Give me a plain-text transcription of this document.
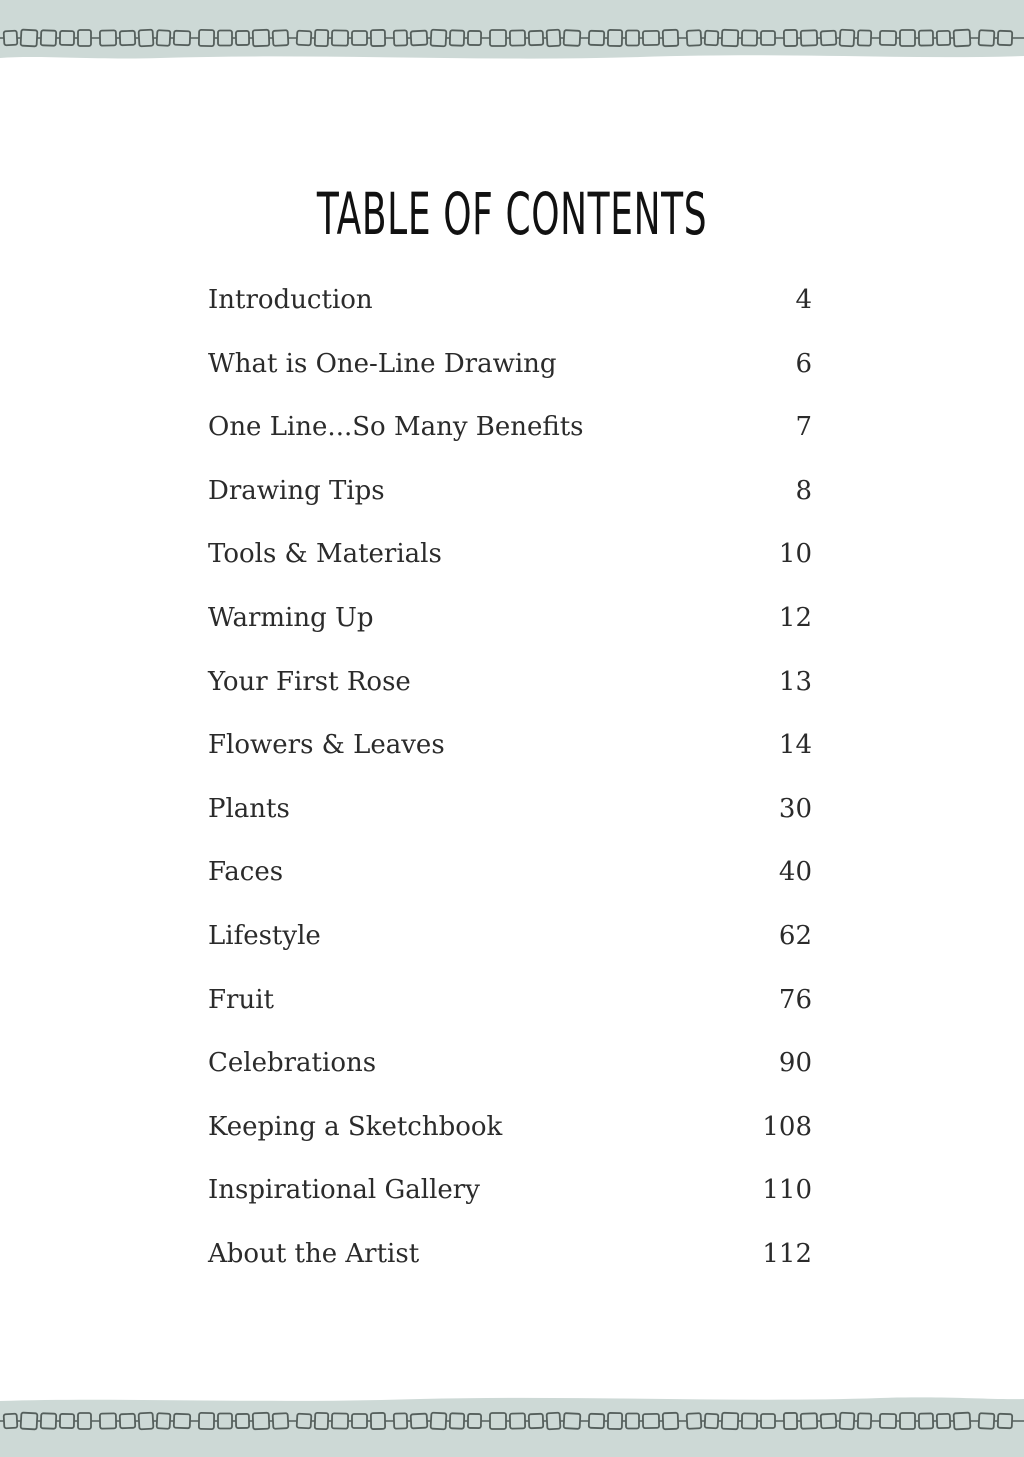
TABLE OF CONTENTS
Introduction	4
What is One-Line Drawing	6
One Line...So Many Benefits	7
Drawing Tips	8
Tools & Materials	10
Warming Up	12
Your First Rose	13
Flowers & Leaves	14
Plants	30
Faces	40
Lifestyle	62
Fruit	76
Celebrations	90
Keeping a Sketchbook	108
Inspirational Gallery	110
About the Artist	112
